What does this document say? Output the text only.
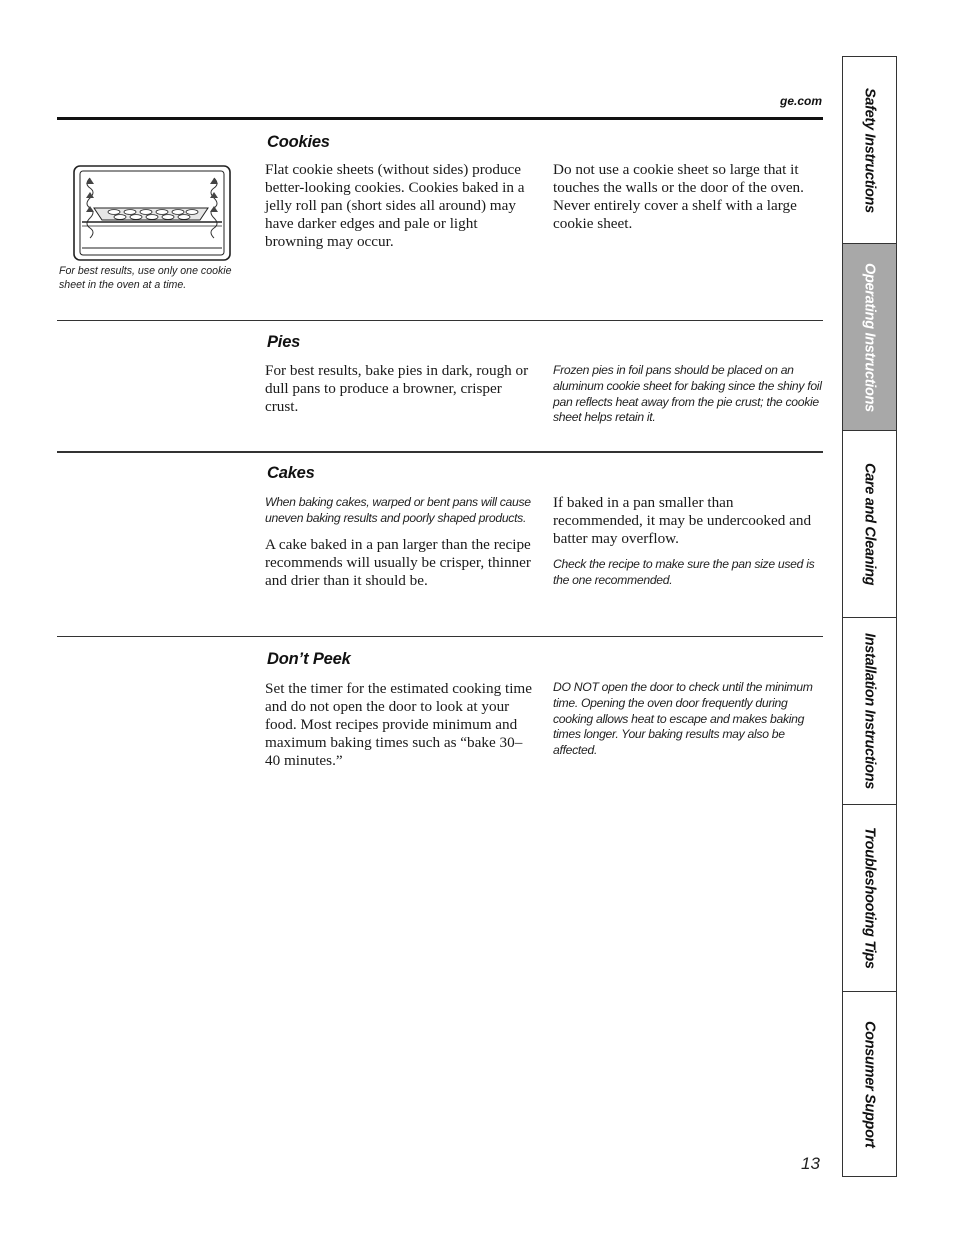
ge.com
Cookies
For best results, use only one cookie sheet in the oven at a time.

Flat cookie sheets (without sides) produce better-looking cookies. Cookies baked in a jelly roll pan (short sides all around) may have darker edges and pale or light browning may occur.

Do not use a cookie sheet so large that it touches the walls or the door of the oven. Never entirely cover a shelf with a large cookie sheet.

Pies

For best results, bake pies in dark, rough or dull pans to produce a browner, crisper crust.

Frozen pies in foil pans should be placed on an aluminum cookie sheet for baking since the shiny foil pan reflects heat away from the pie crust; the cookie sheet helps retain it.

Cakes

When baking cakes, warped or bent pans will cause uneven baking results and poorly shaped products.

A cake baked in a pan larger than the recipe recommends will usually be crisper, thinner and drier than it should be.

If baked in a pan smaller than recommended, it may be undercooked and batter may overflow.

Check the recipe to make sure the pan size used is the one recommended.

Don’t Peek

Set the timer for the estimated cooking time and do not open the door to look at your food. Most recipes provide minimum and maximum baking times such as “bake 30–40 minutes.”

DO NOT open the door to check until the minimum time. Opening the oven door frequently during cooking allows heat to escape and makes baking times longer. Your baking results may also be affected.

Safety Instructions
Operating Instructions
Care and Cleaning
Installation Instructions
Troubleshooting Tips
Consumer Support
13
